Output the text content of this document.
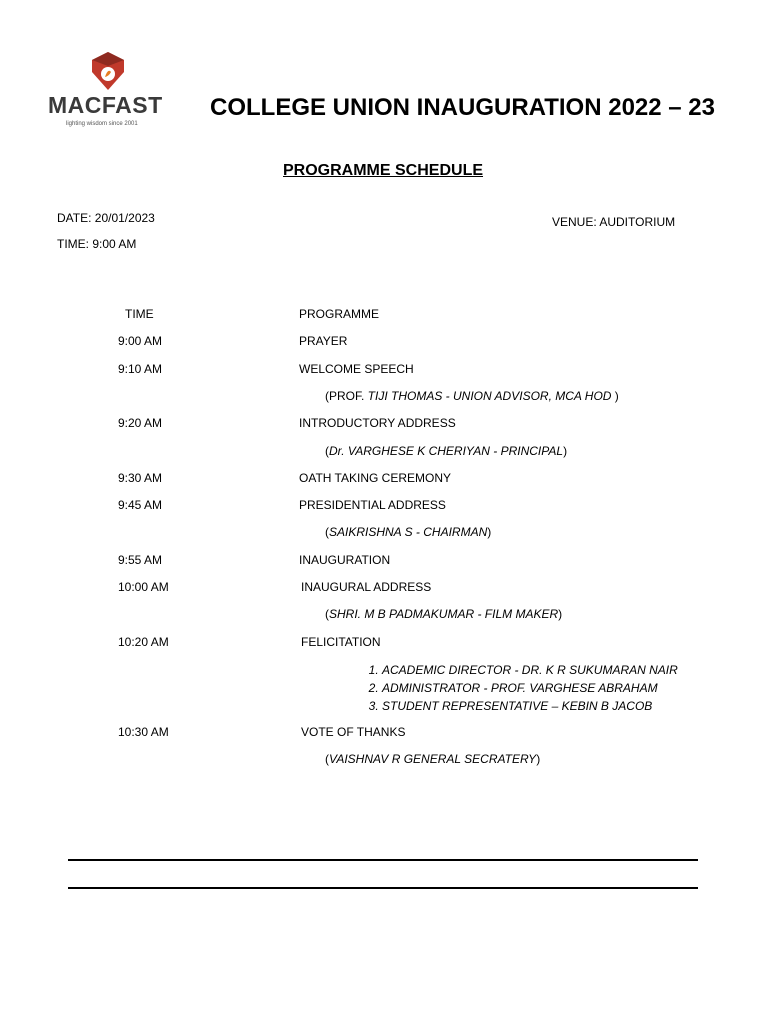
MACFAST
lighting wisdom since 2001
COLLEGE UNION INAUGURATION 2022 – 23
PROGRAMME SCHEDULE
DATE: 20/01/2023
TIME: 9:00 AM
VENUE: AUDITORIUM
TIME	PROGRAMME
9:00 AM	PRAYER
9:10 AM	WELCOME SPEECH
(PROF. TIJI THOMAS - UNION ADVISOR, MCA HOD )
9:20 AM	INTRODUCTORY ADDRESS
(Dr. VARGHESE K CHERIYAN - PRINCIPAL)
9:30 AM	OATH TAKING CEREMONY
9:45 AM	PRESIDENTIAL ADDRESS
(SAIKRISHNA S - CHAIRMAN)
9:55 AM	INAUGURATION
10:00 AM	INAUGURAL ADDRESS
(SHRI. M B PADMAKUMAR - FILM MAKER)
10:20 AM	FELICITATION
1. ACADEMIC DIRECTOR - DR. K R SUKUMARAN NAIR
2. ADMINISTRATOR - PROF. VARGHESE ABRAHAM
3. STUDENT REPRESENTATIVE – KEBIN B JACOB
10:30 AM	VOTE OF THANKS
(VAISHNAV R GENERAL SECRATERY)
